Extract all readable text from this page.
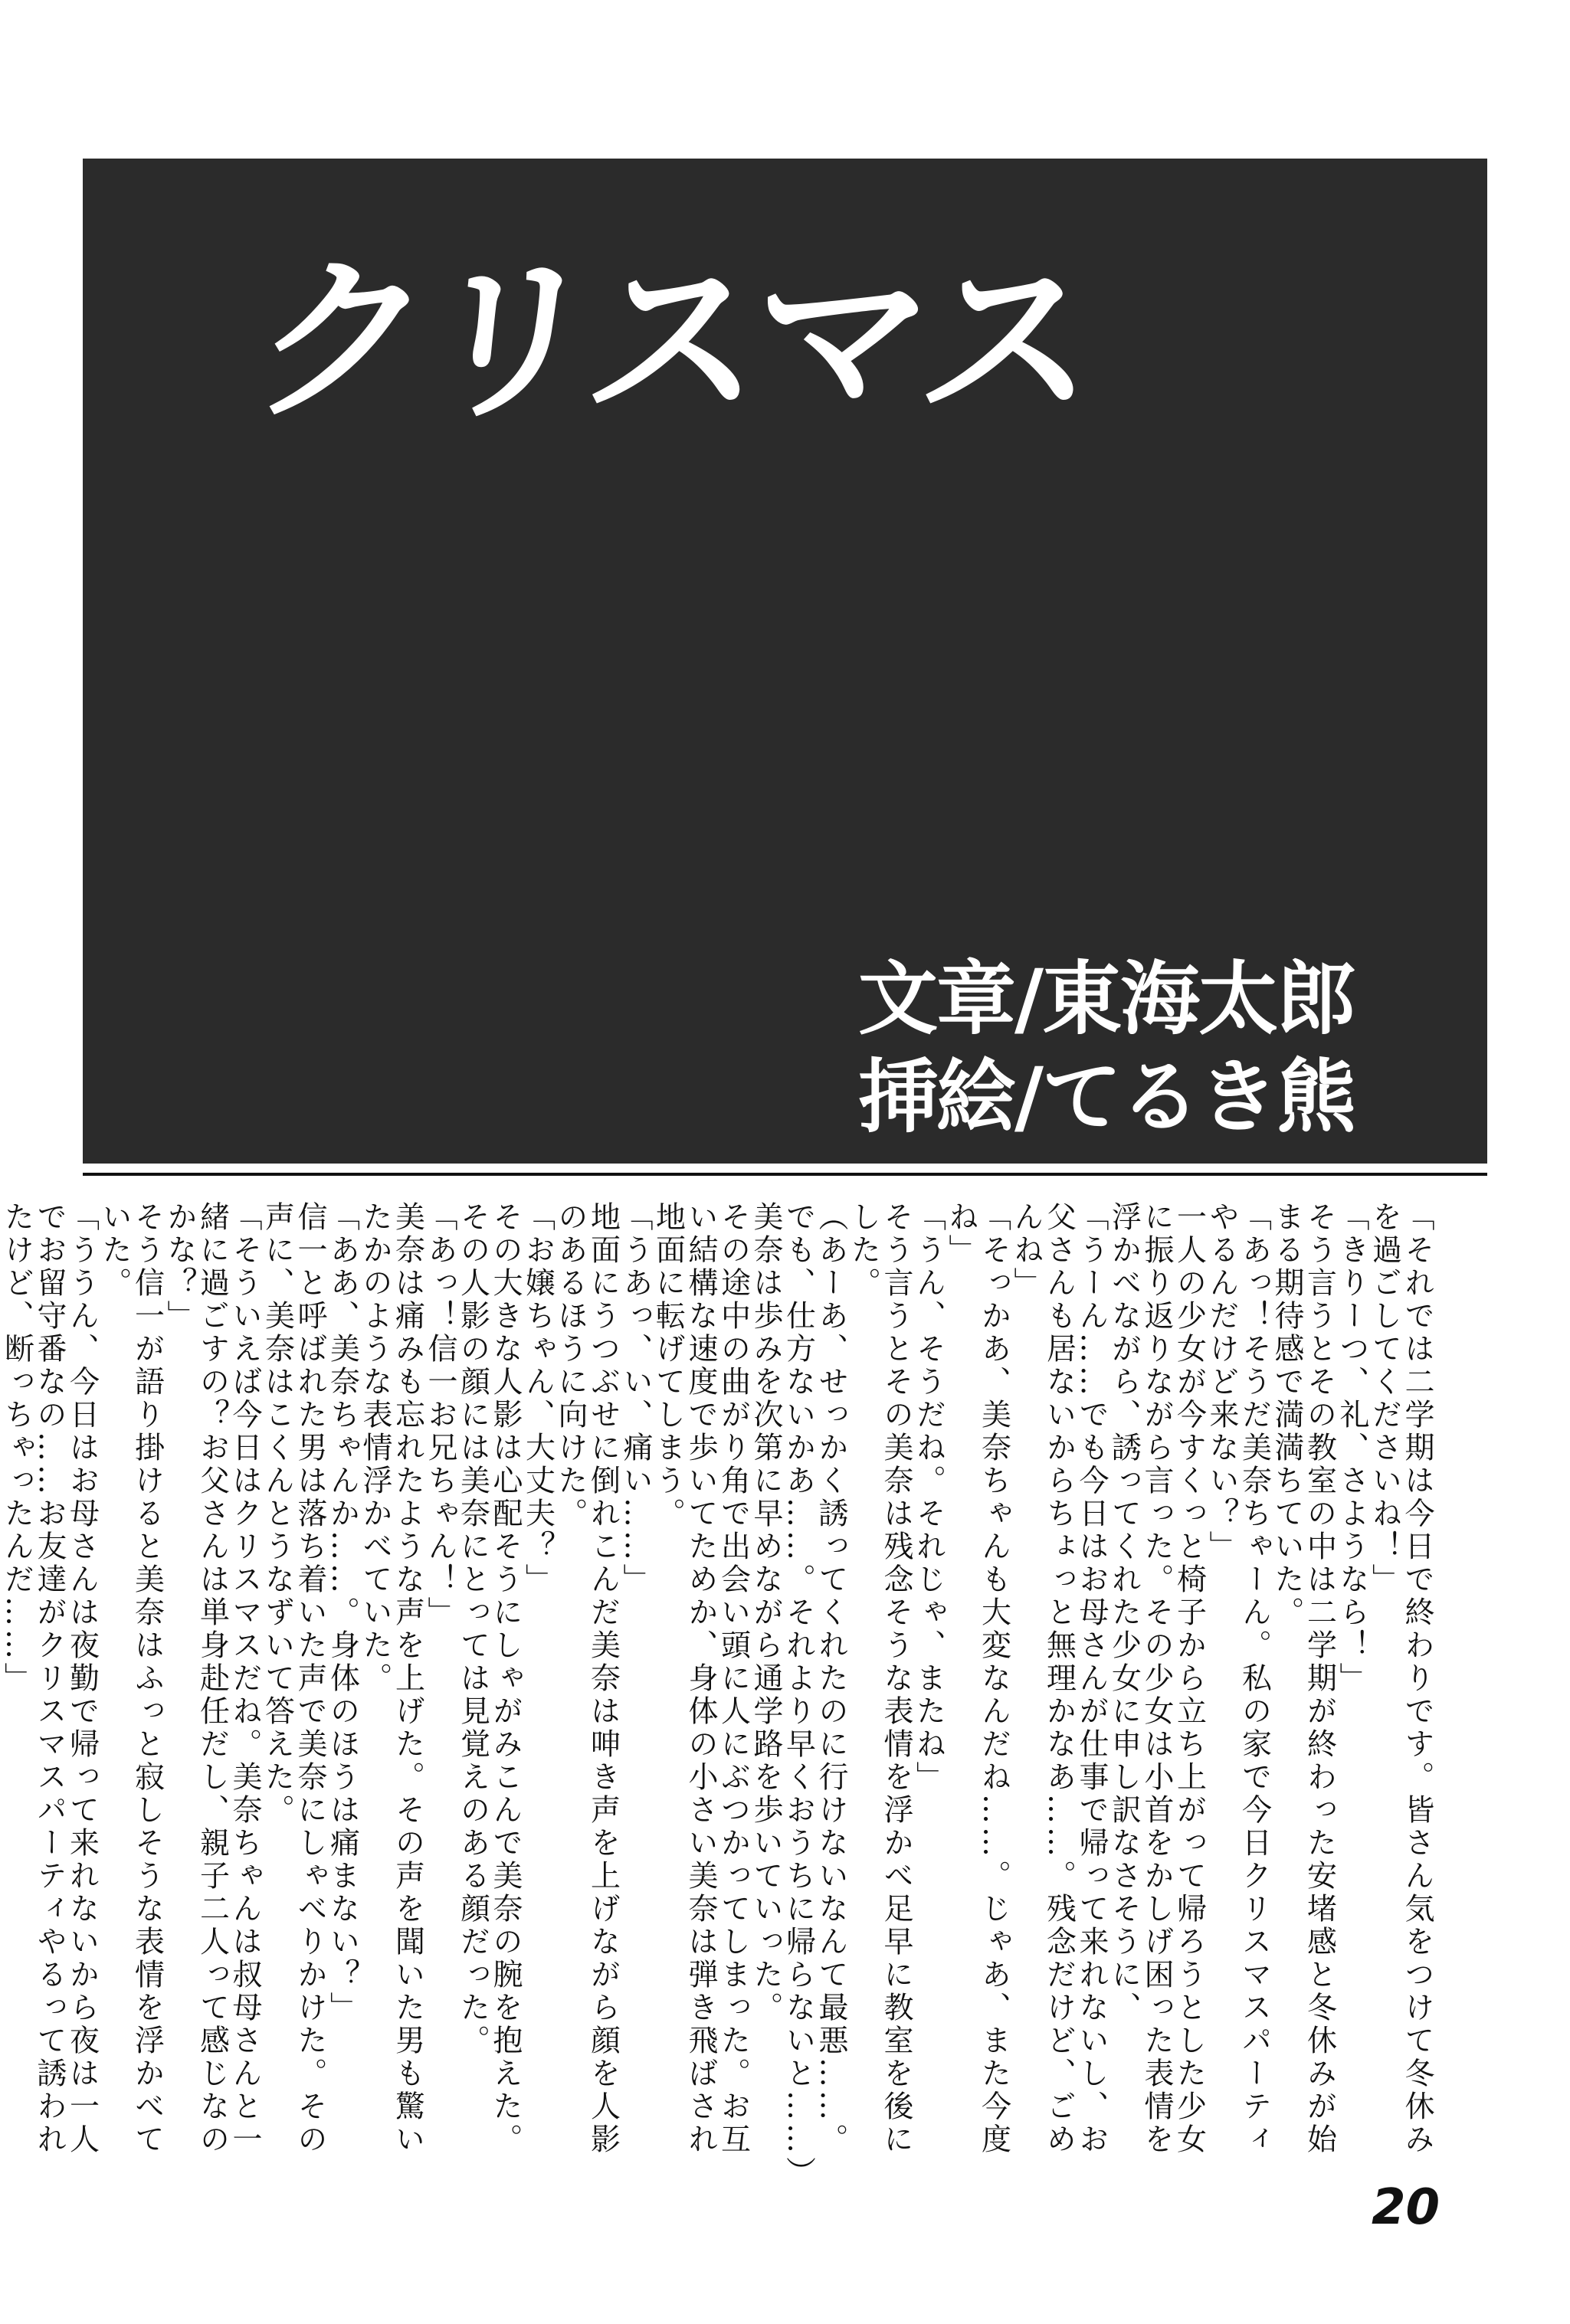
クリスマス
文章/東海太郎
挿絵/てるき熊

「それでは二学期は今日で終わりです。皆さん気をつけて冬休みを過ごしてくださいね！」

「きりーつ、礼、さようなら！」

そう言うとその教室の中は二学期が終わった安堵感と冬休みが始まる期待感で満満ちていた。

「あっ！そうだ美奈ちゃーん。私の家で今日クリスマスパーティやるんだけど来ない？」

一人の少女が今すくっと椅子から立ち上がって帰ろうとした少女に振り返りながら言った。その少女は小首をかしげ困った表情を浮かべながら、誘ってくれた少女に申し訳なさそうに、

「うーん……でも今日はお母さんが仕事で帰って来れないし、お父さんも居ないからちょっと無理かなあ……。残念だけど、ごめんね」

「そっかあ、美奈ちゃんも大変なんだね……。じゃあ、また今度ね」

「うん、そうだね。それじゃ、またね」

そう言うとその美奈は残念そうな表情を浮かべ足早に教室を後にした。

（あーあ、せっかく誘ってくれたのに行けないなんて最悪……。でも、仕方ないかあ……。それより早くおうちに帰らないと……）

美奈は歩みを次第に早めながら通学路を歩いていった。

その途中の曲がり角で出会い頭に人にぶつかってしまった。お互い結構な速度で歩いてためか、身体の小さい美奈は弾き飛ばされ地面に転げてしまう。

「うあっ、い、痛い……」

地面にうつぶせに倒れこんだ美奈は呻き声を上げながら顔を人影のあるほうに向けた。

「お嬢ちゃん、大丈夫？」

その大きな人影は心配そうにしゃがみこんで美奈の腕を抱えた。その人影の顔には美奈にとっては見覚えのある顔だった。

「あっ！信一お兄ちゃん！」

美奈は痛みも忘れたような声を上げた。その声を聞いた男も驚いたかのような表情浮かべていた。

「ああ、美奈ちゃんか……。身体のほうは痛まない？」

信一と呼ばれた男は落ち着いた声で美奈にしゃべりかけた。その声に、美奈はこくんとうなずいて答えた。

「そういえば今日はクリスマスだね。美奈ちゃんは叔母さんと一緒に過ごすの？お父さんは単身赴任だし、親子二人って感じなのかな？」

そう信一が語り掛けると美奈はふっと寂しそうな表情を浮かべていた。

「ううん、今日はお母さんは夜勤で帰って来れないから夜は一人でお留守番なの……お友達がクリスマスパーティやるって誘われたけど、断っちゃったんだ……」

20
